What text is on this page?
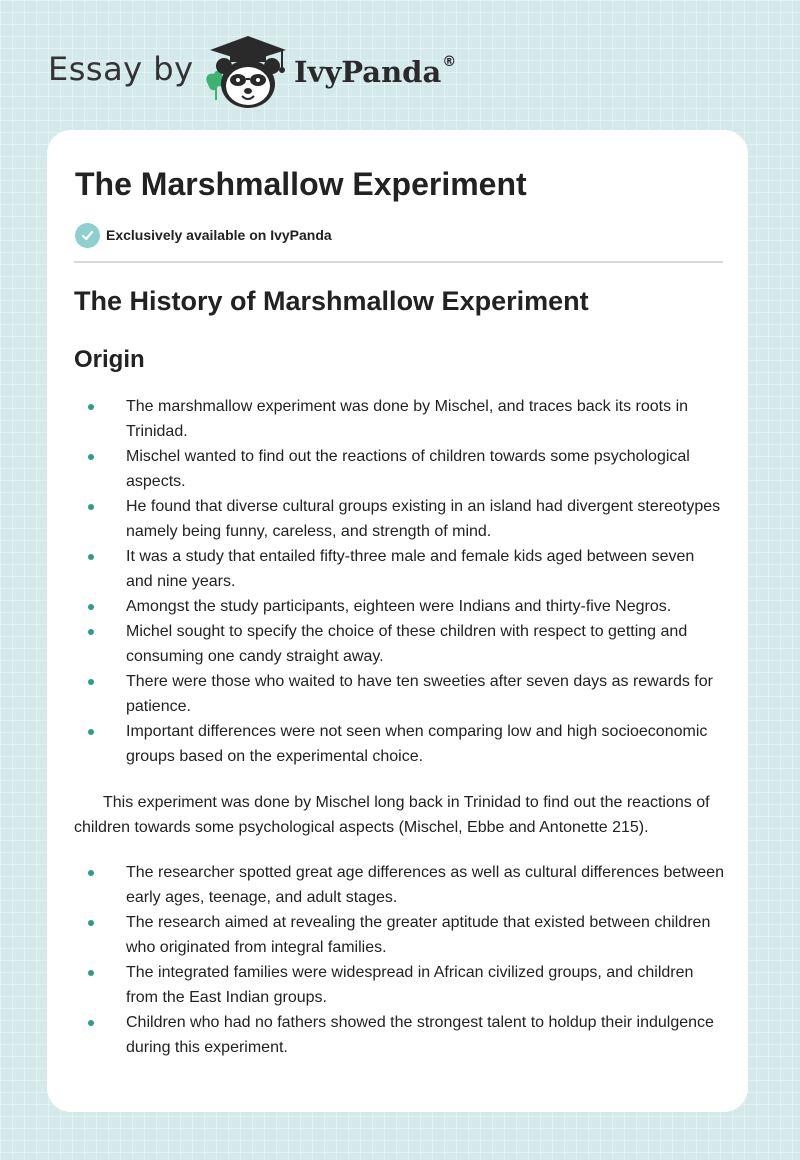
Essay by	IvyPanda®
The Marshmallow Experiment
Exclusively available on IvyPanda
The History of Marshmallow Experiment
Origin
The marshmallow experiment was done by Mischel, and traces back its roots in Trinidad.
Mischel wanted to find out the reactions of children towards some psychological aspects.
He found that diverse cultural groups existing in an island had divergent stereotypes namely being funny, careless, and strength of mind.
It was a study that entailed fifty-three male and female kids aged between seven and nine years.
Amongst the study participants, eighteen were Indians and thirty-five Negros.
Michel sought to specify the choice of these children with respect to getting and consuming one candy straight away.
There were those who waited to have ten sweeties after seven days as rewards for patience.
Important differences were not seen when comparing low and high socioeconomic groups based on the experimental choice.

This experiment was done by Mischel long back in Trinidad to find out the reactions of children towards some psychological aspects (Mischel, Ebbe and Antonette 215).

The researcher spotted great age differences as well as cultural differences between early ages, teenage, and adult stages.
The research aimed at revealing the greater aptitude that existed between children who originated from integral families.
The integrated families were widespread in African civilized groups, and children from the East Indian groups.
Children who had no fathers showed the strongest talent to holdup their indulgence during this experiment.
